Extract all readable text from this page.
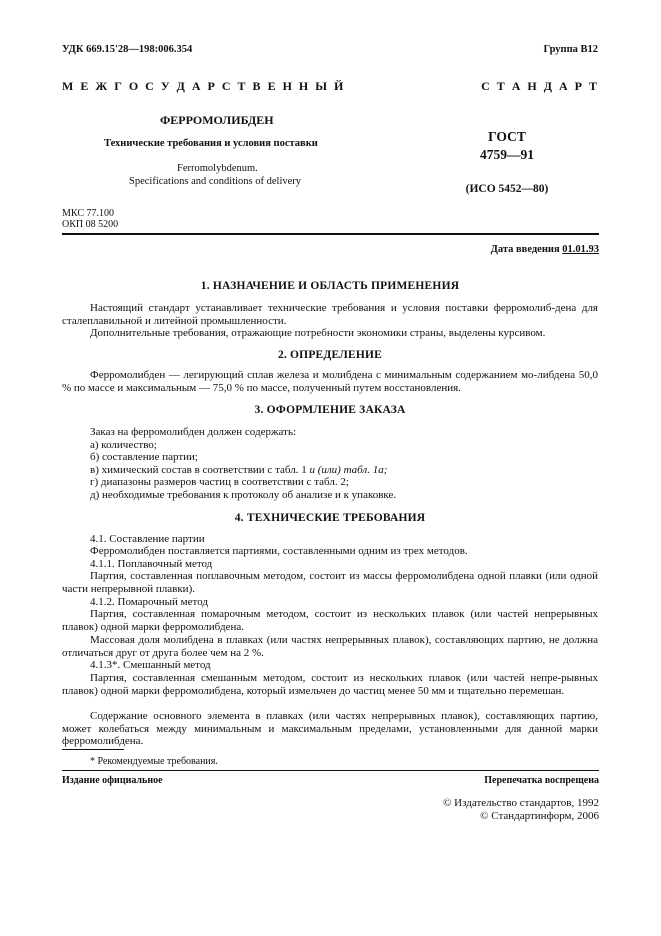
УДК 669.15'28—198:006.354	Группа В12
М Е Ж Г О С У Д А Р С Т В Е Н Н Ы Й	С Т А Н Д А Р Т
ФЕРРОМОЛИБДЕН
Технические требования и условия поставки
Ferromolybdenum.
Specifications and conditions of delivery
ГОСТ
4759—91
(ИСО 5452—80)
МКС 77.100
ОКП 08 5200
Дата введения 01.01.93
1. НАЗНАЧЕНИЕ И ОБЛАСТЬ ПРИМЕНЕНИЯ
Настоящий стандарт устанавливает технические требования и условия поставки ферромолиб-дена для сталеплавильной и литейной промышленности.
Дополнительные требования, отражающие потребности экономики страны, выделены курсивом.
2. ОПРЕДЕЛЕНИЕ
Ферромолибден — легирующий сплав железа и молибдена с минимальным содержанием мо-либдена 50,0 % по массе и максимальным — 75,0 % по массе, полученный путем восстановления.
3. ОФОРМЛЕНИЕ ЗАКАЗА
Заказ на ферромолибден должен содержать:
а) количество;
б) составление партии;
в) химический состав в соответствии с табл. 1 и (или) табл. 1а;
г) диапазоны размеров частиц в соответствии с табл. 2;
д) необходимые требования к протоколу об анализе и к упаковке.
4. ТЕХНИЧЕСКИЕ ТРЕБОВАНИЯ
4.1. Составление партии
Ферромолибден поставляется партиями, составленными одним из трех методов.
4.1.1. Поплавочный метод
Партия, составленная поплавочным методом, состоит из массы ферромолибдена одной плавки (или одной части непрерывной плавки).
4.1.2. Помарочный метод
Партия, составленная помарочным методом, состоит из нескольких плавок (или частей непрерывных плавок) одной марки ферромолибдена.
Массовая доля молибдена в плавках (или частях непрерывных плавок), составляющих партию, не должна отличаться друг от друга более чем на 2 %.
4.1.3*. Смешанный метод
Партия, составленная смешанным методом, состоит из нескольких плавок (или частей непре-рывных плавок) одной марки ферромолибдена, который измельчен до частиц менее 50 мм и тщательно перемешан.
Содержание основного элемента в плавках (или частях непрерывных плавок), составляющих партию, может колебаться между минимальным и максимальным пределами, установленными для данной марки ферромолибдена.
* Рекомендуемые требования.
Издание официальное	Перепечатка воспрещена
© Издательство стандартов, 1992
© Стандартинформ, 2006
